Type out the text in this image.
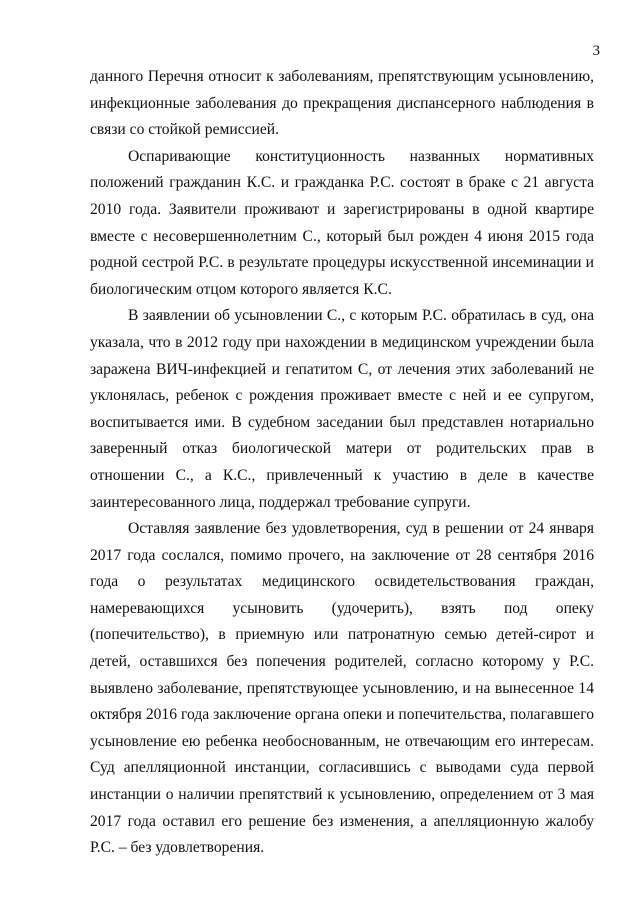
3

данного Перечня относит к заболеваниям, препятствующим усыновлению, инфекционные заболевания до прекращения диспансерного наблюдения в связи со стойкой ремиссией.

Оспаривающие конституционность названных нормативных положений гражданин К.С. и гражданка Р.С. состоят в браке с 21 августа 2010 года. Заявители проживают и зарегистрированы в одной квартире вместе с несовершеннолетним С., который был рожден 4 июня 2015 года родной сестрой Р.С. в результате процедуры искусственной инсеминации и биологическим отцом которого является К.С.

В заявлении об усыновлении С., с которым Р.С. обратилась в суд, она указала, что в 2012 году при нахождении в медицинском учреждении была заражена ВИЧ-инфекцией и гепатитом С, от лечения этих заболеваний не уклонялась, ребенок с рождения проживает вместе с ней и ее супругом, воспитывается ими. В судебном заседании был представлен нотариально заверенный отказ биологической матери от родительских прав в отношении С., а К.С., привлеченный к участию в деле в качестве заинтересованного лица, поддержал требование супруги.

Оставляя заявление без удовлетворения, суд в решении от 24 января 2017 года сослался, помимо прочего, на заключение от 28 сентября 2016 года о результатах медицинского освидетельствования граждан, намеревающихся усыновить (удочерить), взять под опеку (попечительство), в приемную или патронатную семью детей-сирот и детей, оставшихся без попечения родителей, согласно которому у Р.С. выявлено заболевание, препятствующее усыновлению, и на вынесенное 14 октября 2016 года заключение органа опеки и попечительства, полагавшего усыновление ею ребенка необоснованным, не отвечающим его интересам. Суд апелляционной инстанции, согласившись с выводами суда первой инстанции о наличии препятствий к усыновлению, определением от 3 мая 2017 года оставил его решение без изменения, а апелляционную жалобу Р.С. – без удовлетворения.
